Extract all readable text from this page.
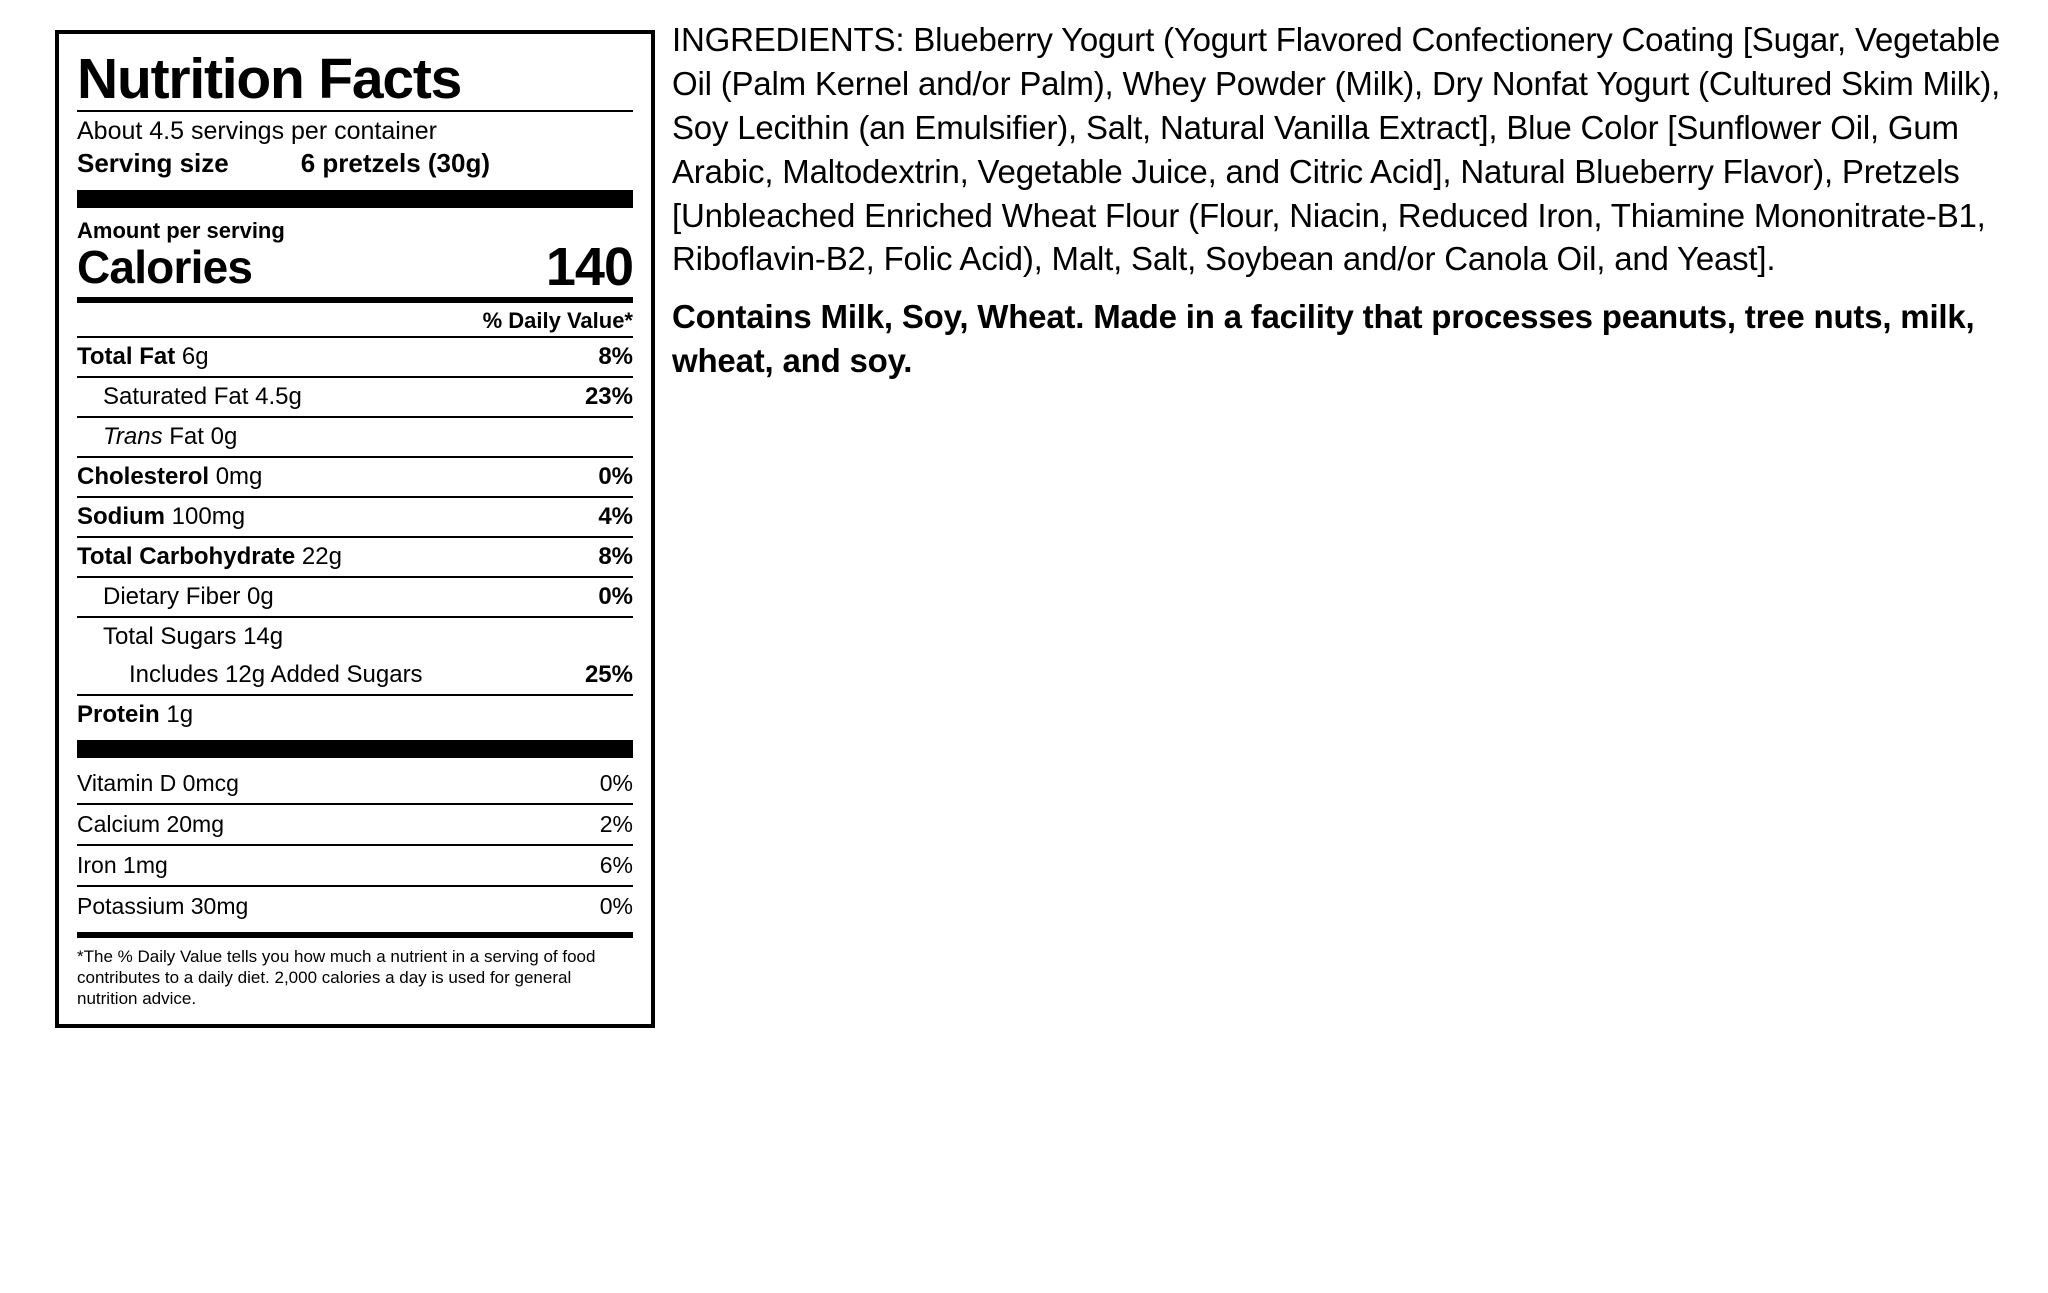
Nutrition Facts
About 4.5 servings per container
Serving size	6 pretzels (30g)
Amount per serving
Calories	140
% Daily Value*
Total Fat 6g	8%
Saturated Fat 4.5g	23%
Trans Fat 0g
Cholesterol 0mg	0%
Sodium 100mg	4%
Total Carbohydrate 22g	8%
Dietary Fiber 0g	0%
Total Sugars 14g
Includes 12g Added Sugars	25%
Protein 1g
Vitamin D 0mcg	0%
Calcium 20mg	2%
Iron 1mg	6%
Potassium 30mg	0%
*The % Daily Value tells you how much a nutrient in a serving of food contributes to a daily diet. 2,000 calories a day is used for general nutrition advice.
INGREDIENTS: Blueberry Yogurt (Yogurt Flavored Confectionery Coating [Sugar, Vegetable Oil (Palm Kernel and/or Palm), Whey Powder (Milk), Dry Nonfat Yogurt (Cultured Skim Milk), Soy Lecithin (an Emulsifier), Salt, Natural Vanilla Extract], Blue Color [Sunflower Oil, Gum Arabic, Maltodextrin, Vegetable Juice, and Citric Acid], Natural Blueberry Flavor), Pretzels [Unbleached Enriched Wheat Flour (Flour, Niacin, Reduced Iron, Thiamine Mononitrate-B1, Riboflavin-B2, Folic Acid), Malt, Salt, Soybean and/or Canola Oil, and Yeast].
Contains Milk, Soy, Wheat. Made in a facility that processes peanuts, tree nuts, milk, wheat, and soy.
